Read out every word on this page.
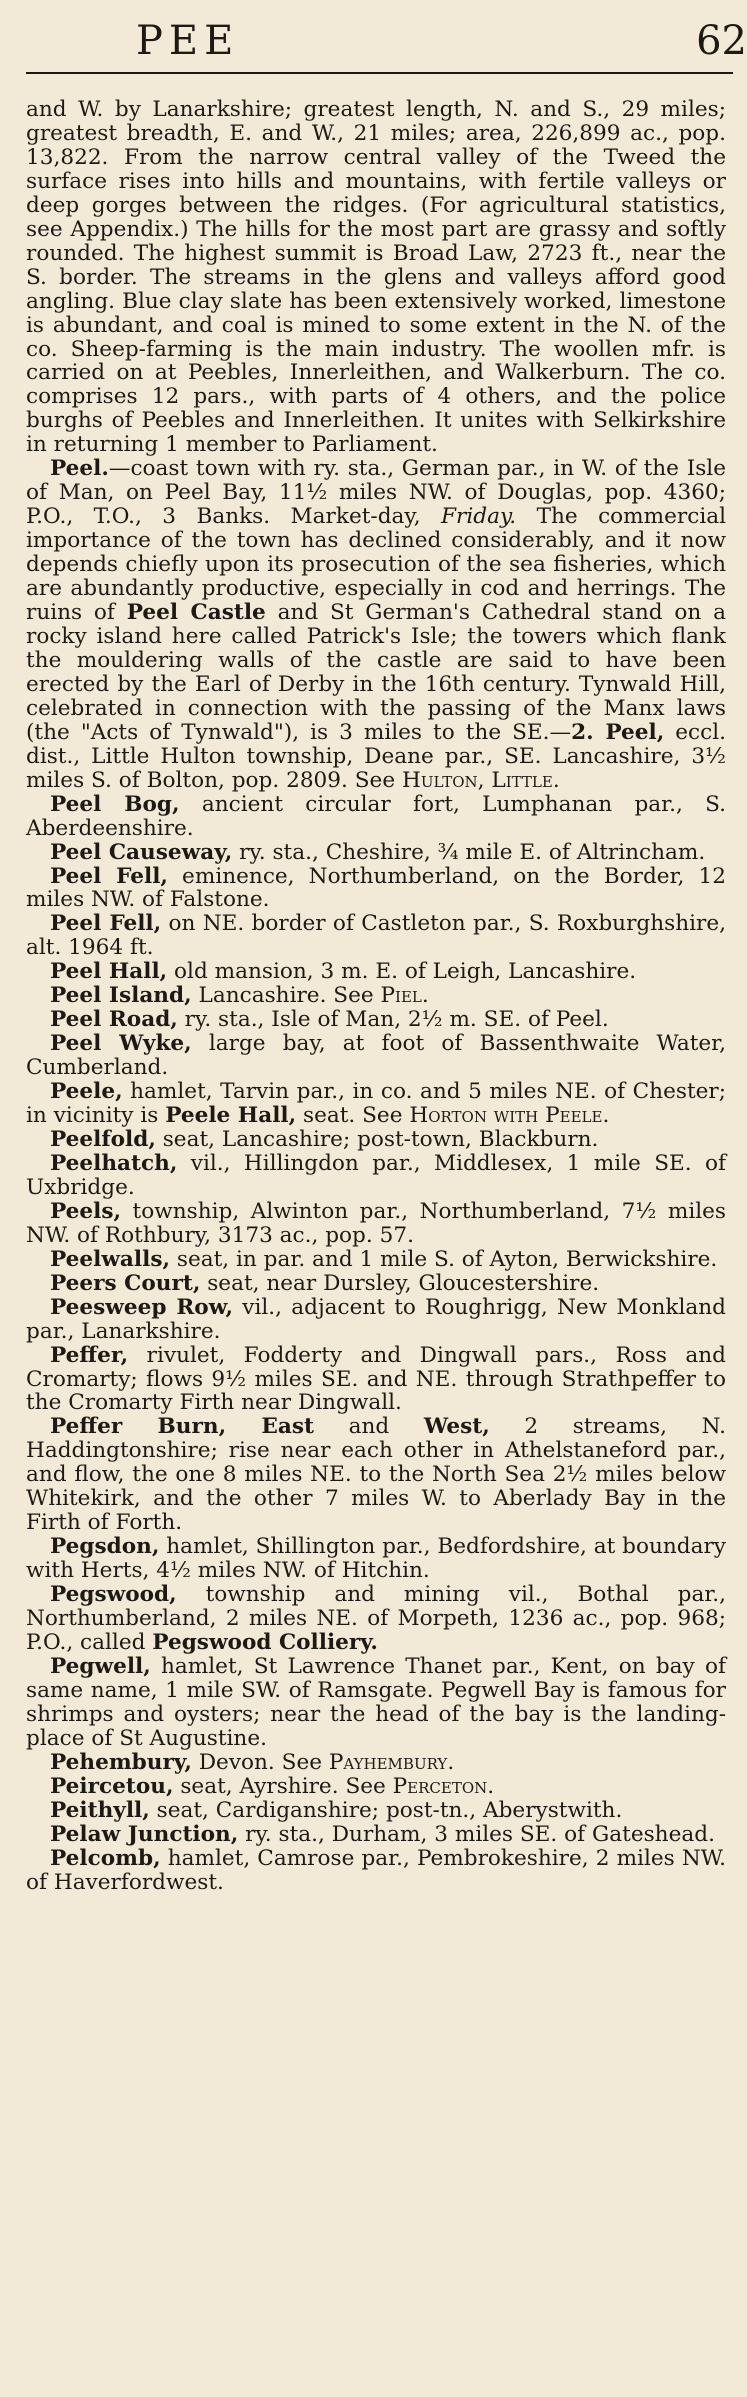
PEE	62

and W. by Lanarkshire; greatest length, N. and S., 29 miles; greatest breadth, E. and W., 21 miles; area, 226,899 ac., pop. 13,822. From the narrow central valley of the Tweed the surface rises into hills and mountains, with fertile valleys or deep gorges between the ridges. (For agricultural statistics, see Appendix.) The hills for the most part are grassy and softly rounded. The highest summit is Broad Law, 2723 ft., near the S. border. The streams in the glens and valleys afford good angling. Blue clay slate has been extensively worked, limestone is abundant, and coal is mined to some extent in the N. of the co. Sheep-farming is the main industry. The woollen mfr. is carried on at Peebles, Innerleithen, and Walkerburn. The co. comprises 12 pars., with parts of 4 others, and the police burghs of Peebles and Innerleithen. It unites with Selkirkshire in returning 1 member to Parliament.

Peel.—coast town with ry. sta., German par., in W. of the Isle of Man, on Peel Bay, 11½ miles NW. of Douglas, pop. 4360; P.O., T.O., 3 Banks. Market-day, Friday. The commercial importance of the town has declined considerably, and it now depends chiefly upon its prosecution of the sea fisheries, which are abundantly productive, especially in cod and herrings. The ruins of Peel Castle and St German's Cathedral stand on a rocky island here called Patrick's Isle; the towers which flank the mouldering walls of the castle are said to have been erected by the Earl of Derby in the 16th century. Tynwald Hill, celebrated in connection with the passing of the Manx laws (the "Acts of Tynwald"), is 3 miles to the SE.—2. Peel, eccl. dist., Little Hulton township, Deane par., SE. Lancashire, 3½ miles S. of Bolton, pop. 2809. See Hulton, Little.

Peel Bog, ancient circular fort, Lumphanan par., S. Aberdeenshire.

Peel Causeway, ry. sta., Cheshire, ¾ mile E. of Altrincham.

Peel Fell, eminence, Northumberland, on the Border, 12 miles NW. of Falstone.

Peel Fell, on NE. border of Castleton par., S. Roxburghshire, alt. 1964 ft.

Peel Hall, old mansion, 3 m. E. of Leigh, Lancashire.

Peel Island, Lancashire. See Piel.

Peel Road, ry. sta., Isle of Man, 2½ m. SE. of Peel.

Peel Wyke, large bay, at foot of Bassenthwaite Water, Cumberland.

Peele, hamlet, Tarvin par., in co. and 5 miles NE. of Chester; in vicinity is Peele Hall, seat. See Horton with Peele.

Peelfold, seat, Lancashire; post-town, Blackburn.

Peelhatch, vil., Hillingdon par., Middlesex, 1 mile SE. of Uxbridge.

Peels, township, Alwinton par., Northumberland, 7½ miles NW. of Rothbury, 3173 ac., pop. 57.

Peelwalls, seat, in par. and 1 mile S. of Ayton, Berwickshire.

Peers Court, seat, near Dursley, Gloucestershire.

Peesweep Row, vil., adjacent to Roughrigg, New Monkland par., Lanarkshire.

Peffer, rivulet, Fodderty and Dingwall pars., Ross and Cromarty; flows 9½ miles SE. and NE. through Strathpeffer to the Cromarty Firth near Dingwall.

Peffer Burn, East and West, 2 streams, N. Haddingtonshire; rise near each other in Athelstaneford par., and flow, the one 8 miles NE. to the North Sea 2½ miles below Whitekirk, and the other 7 miles W. to Aberlady Bay in the Firth of Forth.

Pegsdon, hamlet, Shillington par., Bedfordshire, at boundary with Herts, 4½ miles NW. of Hitchin.

Pegswood, township and mining vil., Bothal par., Northumberland, 2 miles NE. of Morpeth, 1236 ac., pop. 968; P.O., called Pegswood Colliery.

Pegwell, hamlet, St Lawrence Thanet par., Kent, on bay of same name, 1 mile SW. of Ramsgate. Pegwell Bay is famous for shrimps and oysters; near the head of the bay is the landing-place of St Augustine.

Pehembury, Devon. See Payhembury.

Peircetou, seat, Ayrshire. See Perceton.

Peithyll, seat, Cardiganshire; post-tn., Aberystwith.

Pelaw Junction, ry. sta., Durham, 3 miles SE. of Gateshead.

Pelcomb, hamlet, Camrose par., Pembrokeshire, 2 miles NW. of Haverfordwest.
